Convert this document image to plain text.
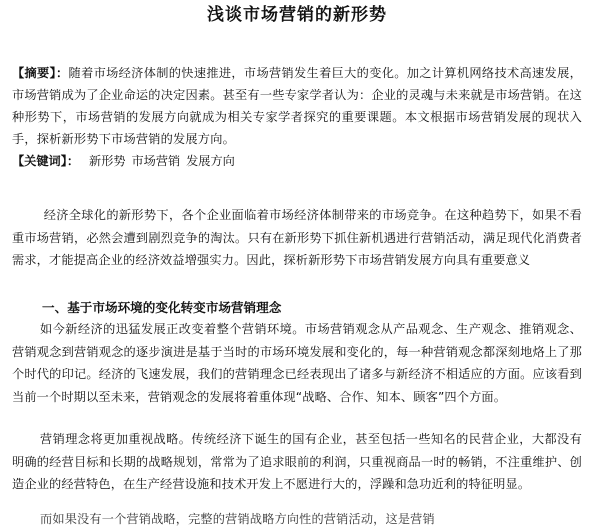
浅谈市场营销的新形势
【摘要】：随着市场经济体制的快速推进，市场营销发生着巨大的变化。加之计算机网络技术高速发展，市场营销成为了企业命运的决定因素。甚至有一些专家学者认为：企业的灵魂与未来就是市场营销。在这种形势下，市场营销的发展方向就成为相关专家学者探究的重要课题。本文根据市场营销发展的现状入手，探析新形势下市场营销的发展方向。
【关键词】： 新形势 市场营销 发展方向
经济全球化的新形势下，各个企业面临着市场经济体制带来的市场竞争。在这种趋势下，如果不看重市场营销，必然会遭到剧烈竞争的淘汰。只有在新形势下抓住新机遇进行营销活动，满足现代化消费者需求，才能提高企业的经济效益增强实力。因此，探析新形势下市场营销发展方向具有重要意义
一、基于市场环境的变化转变市场营销理念
如今新经济的迅猛发展正改变着整个营销环境。市场营销观念从产品观念、生产观念、推销观念、营销观念到营销观念的逐步演进是基于当时的市场环境发展和变化的，每一种营销观念都深刻地烙上了那个时代的印记。经济的飞速发展，我们的营销理念已经表现出了诸多与新经济不相适应的方面。应该看到当前一个时期以至未来，营销观念的发展将着重体现“战略、合作、知本、顾客”四个方面。
营销理念将更加重视战略。传统经济下诞生的国有企业，甚至包括一些知名的民营企业，大都没有明确的经营目标和长期的战略规划，常常为了追求眼前的利润，只重视商品一时的畅销，不注重维护、创造企业的经营特色，在生产经营设施和技术开发上不愿进行大的，浮躁和急功近利的特征明显。
而如果没有一个营销战略，完整的营销战略方向性的营销活动，这是营销
